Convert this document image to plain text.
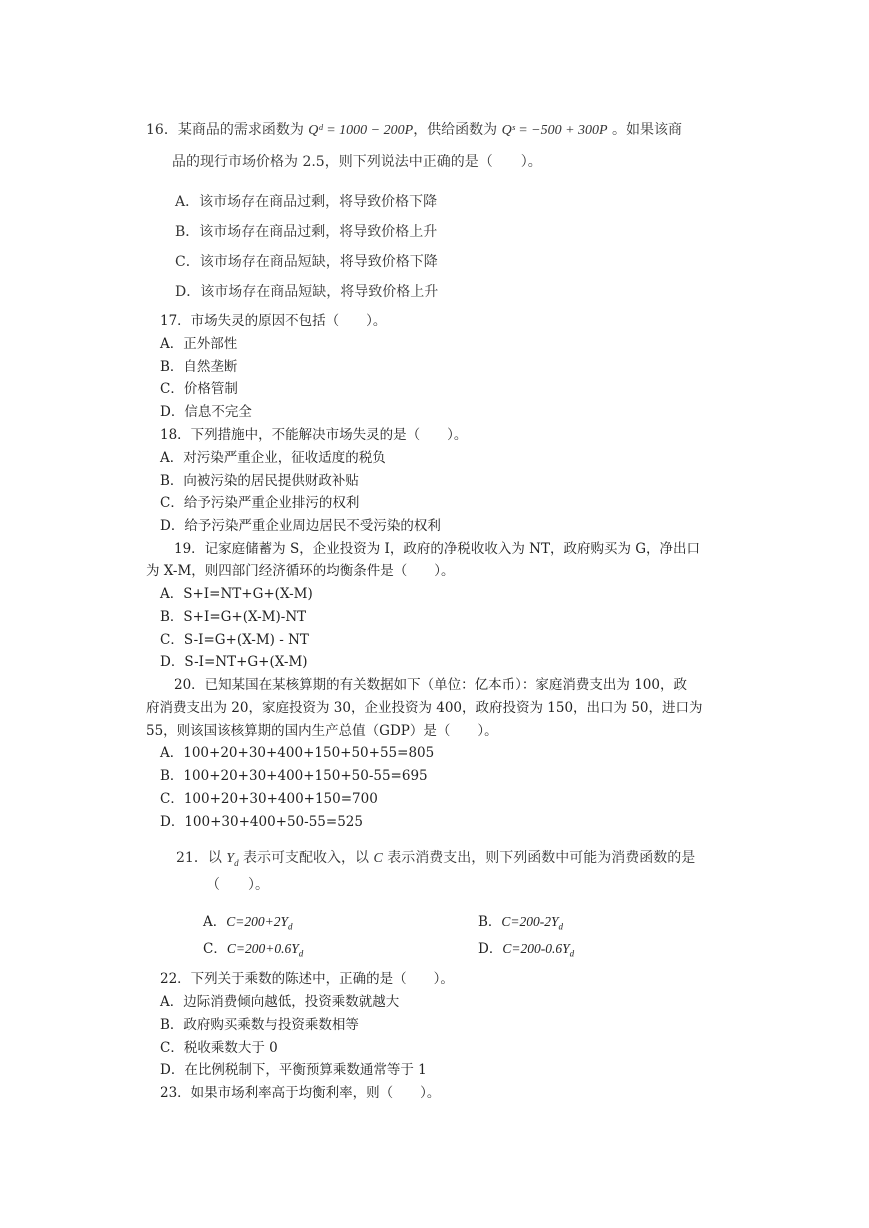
16．某商品的需求函数为 Qᵈ = 1000 − 200P，供给函数为 Qˢ = −500 + 300P 。如果该商
品的现行市场价格为 2.5，则下列说法中正确的是（　　）。
A．该市场存在商品过剩，将导致价格下降
B．该市场存在商品过剩，将导致价格上升
C．该市场存在商品短缺，将导致价格下降
D．该市场存在商品短缺，将导致价格上升
17．市场失灵的原因不包括（　　）。
A．正外部性
B．自然垄断
C．价格管制
D．信息不完全
18．下列措施中，不能解决市场失灵的是（　　）。
A．对污染严重企业，征收适度的税负
B．向被污染的居民提供财政补贴
C．给予污染严重企业排污的权利
D．给予污染严重企业周边居民不受污染的权利
19．记家庭储蓄为 S，企业投资为 I，政府的净税收收入为 NT，政府购买为 G，净出口
为 X-M，则四部门经济循环的均衡条件是（　　）。
A．S+I=NT+G+(X-M)
B．S+I=G+(X-M)-NT
C．S-I=G+(X-M) - NT
D．S-I=NT+G+(X-M)
20．已知某国在某核算期的有关数据如下（单位：亿本币）：家庭消费支出为 100，政
府消费支出为 20，家庭投资为 30，企业投资为 400，政府投资为 150，出口为 50，进口为
55，则该国该核算期的国内生产总值（GDP）是（　　）。
A．100+20+30+400+150+50+55=805
B．100+20+30+400+150+50-55=695
C．100+20+30+400+150=700
D．100+30+400+50-55=525
21．以 $Y_d$ 表示可支配收入，以 C 表示消费支出，则下列函数中可能为消费函数的是
（　　）。
A．$C=200+2Y_d$	B．$C=200-2Y_d$
C．$C=200+0.6Y_d$	D．$C=200-0.6Y_d$
22．下列关于乘数的陈述中，正确的是（　　）。
A．边际消费倾向越低，投资乘数就越大
B．政府购买乘数与投资乘数相等
C．税收乘数大于 0
D．在比例税制下，平衡预算乘数通常等于 1
23．如果市场利率高于均衡利率，则（　　）。
